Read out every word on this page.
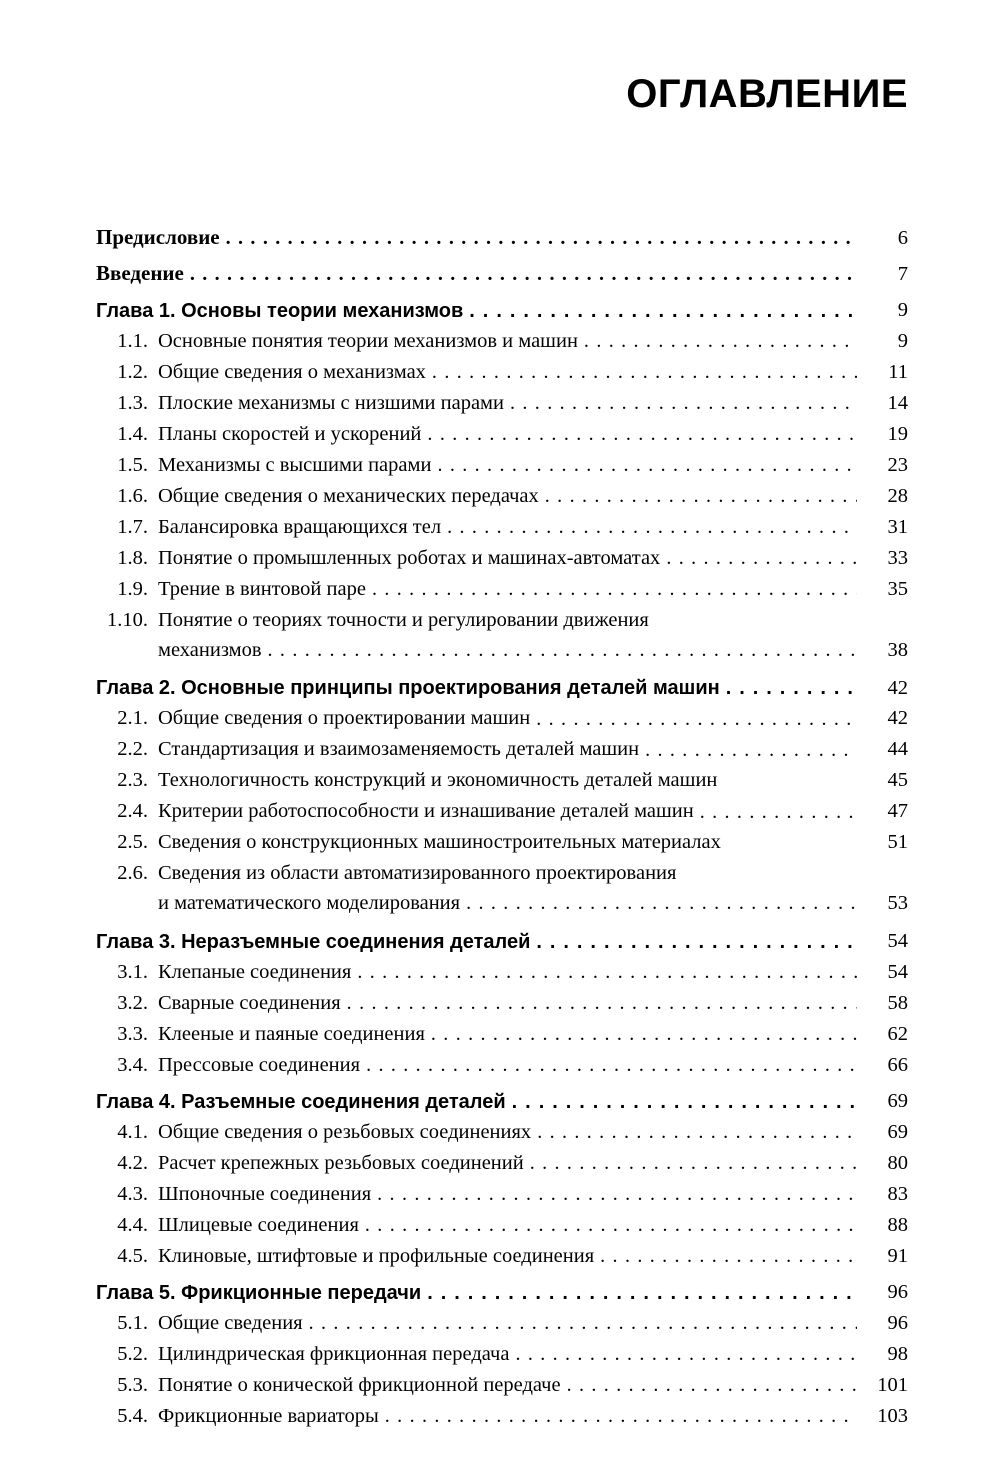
ОГЛАВЛЕНИЕ
Предисловие . . .	6
Введение . . .	7
Глава 1. Основы теории механизмов . . .	9
1.1. Основные понятия теории механизмов и машин . . .	9
1.2. Общие сведения о механизмах . . .	11
1.3. Плоские механизмы с низшими парами . . .	14
1.4. Планы скоростей и ускорений . . .	19
1.5. Механизмы с высшими парами . . .	23
1.6. Общие сведения о механических передачах . . .	28
1.7. Балансировка вращающихся тел . . .	31
1.8. Понятие о промышленных роботах и машинах-автоматах . . .	33
1.9. Трение в винтовой паре . . .	35
1.10. Понятие о теориях точности и регулировании движения
механизмов . . .	38
Глава 2. Основные принципы проектирования деталей машин . . .	42
2.1. Общие сведения о проектировании машин . . .	42
2.2. Стандартизация и взаимозаменяемость деталей машин . . .	44
2.3. Технологичность конструкций и экономичность деталей машин	45
2.4. Критерии работоспособности и изнашивание деталей машин . . .	47
2.5. Сведения о конструкционных машиностроительных материалах	51
2.6. Сведения из области автоматизированного проектирования
и математического моделирования . . .	53
Глава 3. Неразъемные соединения деталей . . .	54
3.1. Клепаные соединения . . .	54
3.2. Сварные соединения . . .	58
3.3. Клееные и паяные соединения . . .	62
3.4. Прессовые соединения . . .	66
Глава 4. Разъемные соединения деталей . . .	69
4.1. Общие сведения о резьбовых соединениях . . .	69
4.2. Расчет крепежных резьбовых соединений . . .	80
4.3. Шпоночные соединения . . .	83
4.4. Шлицевые соединения . . .	88
4.5. Клиновые, штифтовые и профильные соединения . . .	91
Глава 5. Фрикционные передачи . . .	96
5.1. Общие сведения . . .	96
5.2. Цилиндрическая фрикционная передача . . .	98
5.3. Понятие о конической фрикционной передаче . . .	101
5.4. Фрикционные вариаторы . . .	103
